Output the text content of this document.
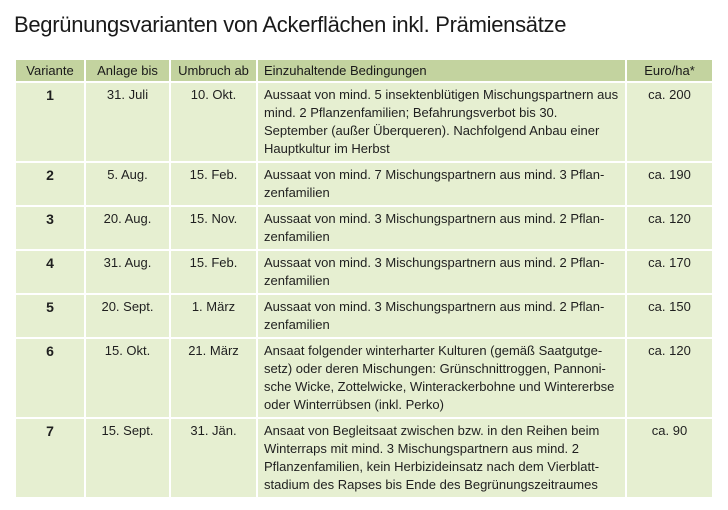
Begrünungsvarianten von Ackerflächen inkl. Prämiensätze
Variante	Anlage bis	Umbruch ab	Einzuhaltende Bedingungen	Euro/ha*
1	31. Juli	10. Okt.	Aussaat von mind. 5 insektenblütigen Mischungspartnern aus mind. 2 Pflanzenfamilien; Befahrungsverbot bis 30. September (außer Überqueren). Nachfolgend Anbau einer Hauptkultur im Herbst	ca. 200
2	5. Aug.	15. Feb.	Aussaat von mind. 7 Mischungspartnern aus mind. 3 Pflanzenfamilien	ca. 190
3	20. Aug.	15. Nov.	Aussaat von mind. 3 Mischungspartnern aus mind. 2 Pflanzenfamilien	ca. 120
4	31. Aug.	15. Feb.	Aussaat von mind. 3 Mischungspartnern aus mind. 2 Pflanzenfamilien	ca. 170
5	20. Sept.	1. März	Aussaat von mind. 3 Mischungspartnern aus mind. 2 Pflanzenfamilien	ca. 150
6	15. Okt.	21. März	Ansaat folgender winterharter Kulturen (gemäß Saatgutgesetz) oder deren Mischungen: Grünschnittroggen, Pannonische Wicke, Zottelwicke, Winterackerbohne und Wintererbse oder Winterrübsen (inkl. Perko)	ca. 120
7	15. Sept.	31. Jän.	Ansaat von Begleitsaat zwischen bzw. in den Reihen beim Winterraps mit mind. 3 Mischungspartnern aus mind. 2 Pflanzenfamilien, kein Herbizideinsatz nach dem Vierblattstadium des Rapses bis Ende des Begrünungszeitraumes	ca. 90
